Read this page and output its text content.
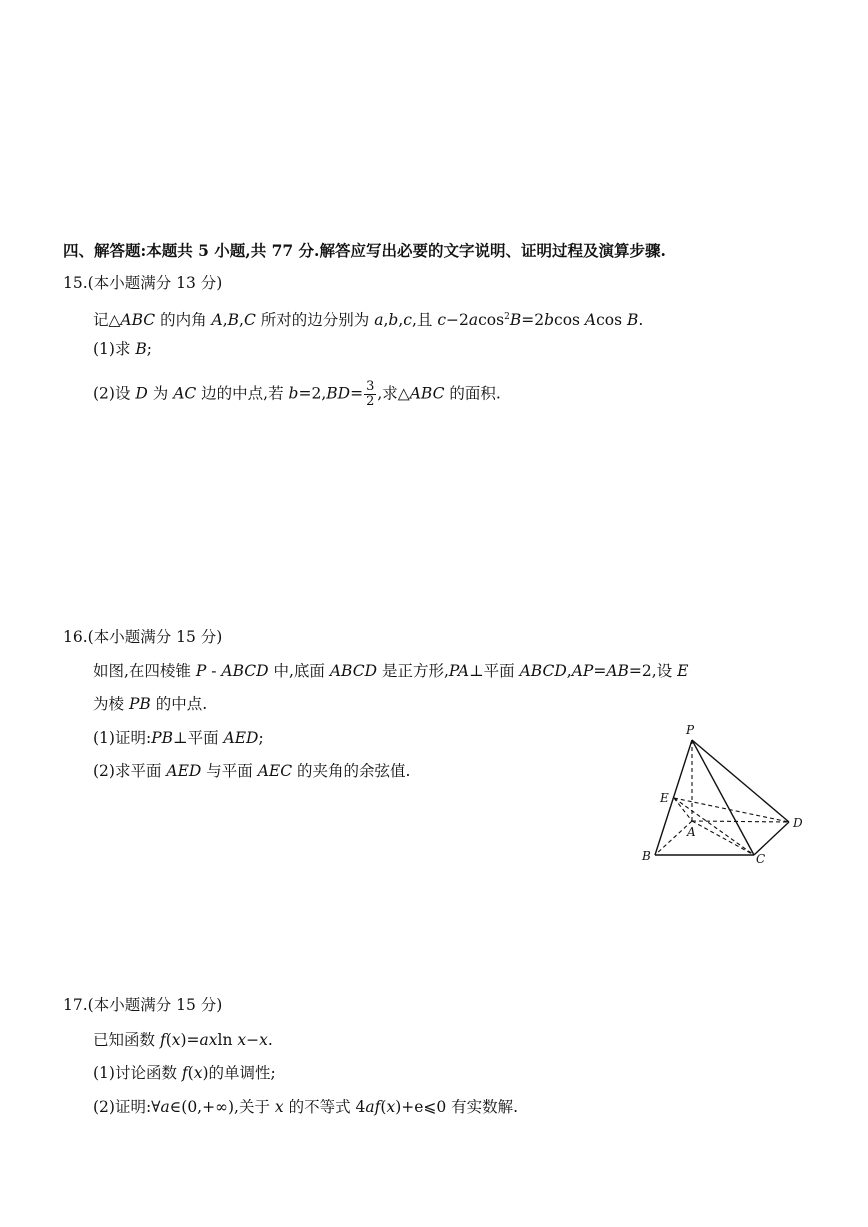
四、解答题:本题共 5 小题,共 77 分.解答应写出必要的文字说明、证明过程及演算步骤.
15.(本小题满分 13 分)
记△ABC 的内角 A,B,C 所对的边分别为 a,b,c,且 c−2acos$^2$B=2bcos Acos B.
(1)求 B;
(2)设 D 为 AC 边的中点,若 $b=2,BD= \frac{3}{2}$ ,求△ABC 的面积.
16.(本小题满分 15 分)
如图,在四棱锥 P - ABCD 中,底面 ABCD 是正方形,PA⊥平面 ABCD,AP=AB=2,设 E
为棱 PB 的中点.
(1)证明:PB⊥平面 AED;
(2)求平面 AED 与平面 AEC 的夹角的余弦值.
P
E
A
D
B	C
17.(本小题满分 15 分)
已知函数 f(x)=axln x−x.
(1)讨论函数 f(x)的单调性;
(2)证明:∀a∈(0,+∞),关于 x 的不等式 4af(x)+e⩽0 有实数解.
